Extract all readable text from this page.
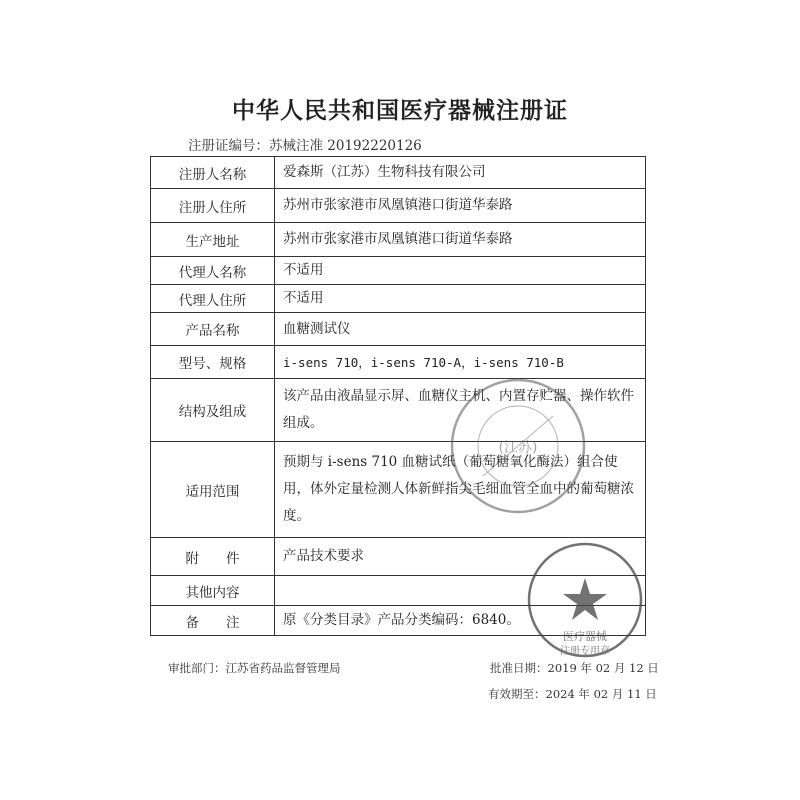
中华人民共和国医疗器械注册证
注册证编号：苏械注准 20192220126
注册人名称	爱森斯（江苏）生物科技有限公司
注册人住所	苏州市张家港市凤凰镇港口街道华泰路
生产地址	苏州市张家港市凤凰镇港口街道华泰路
代理人名称	不适用
代理人住所	不适用
产品名称	血糖测试仪
型号、规格	i-sens 710，i-sens 710-A，i-sens 710-B
结构及组成	该产品由液晶显示屏、血糖仪主机、内置存贮器、操作软件组成。
适用范围	预期与 i-sens 710 血糖试纸（葡萄糖氧化酶法）组合使用，体外定量检测人体新鲜指尖毛细血管全血中的葡萄糖浓度。
附　　件	产品技术要求
其他内容	
备　　注	原《分类目录》产品分类编码：6840。
(江苏)
医疗器械
注册专用章
审批部门：江苏省药品监督管理局	批准日期：2019 年 02 月 12 日
有效期至：2024 年 02 月 11 日
